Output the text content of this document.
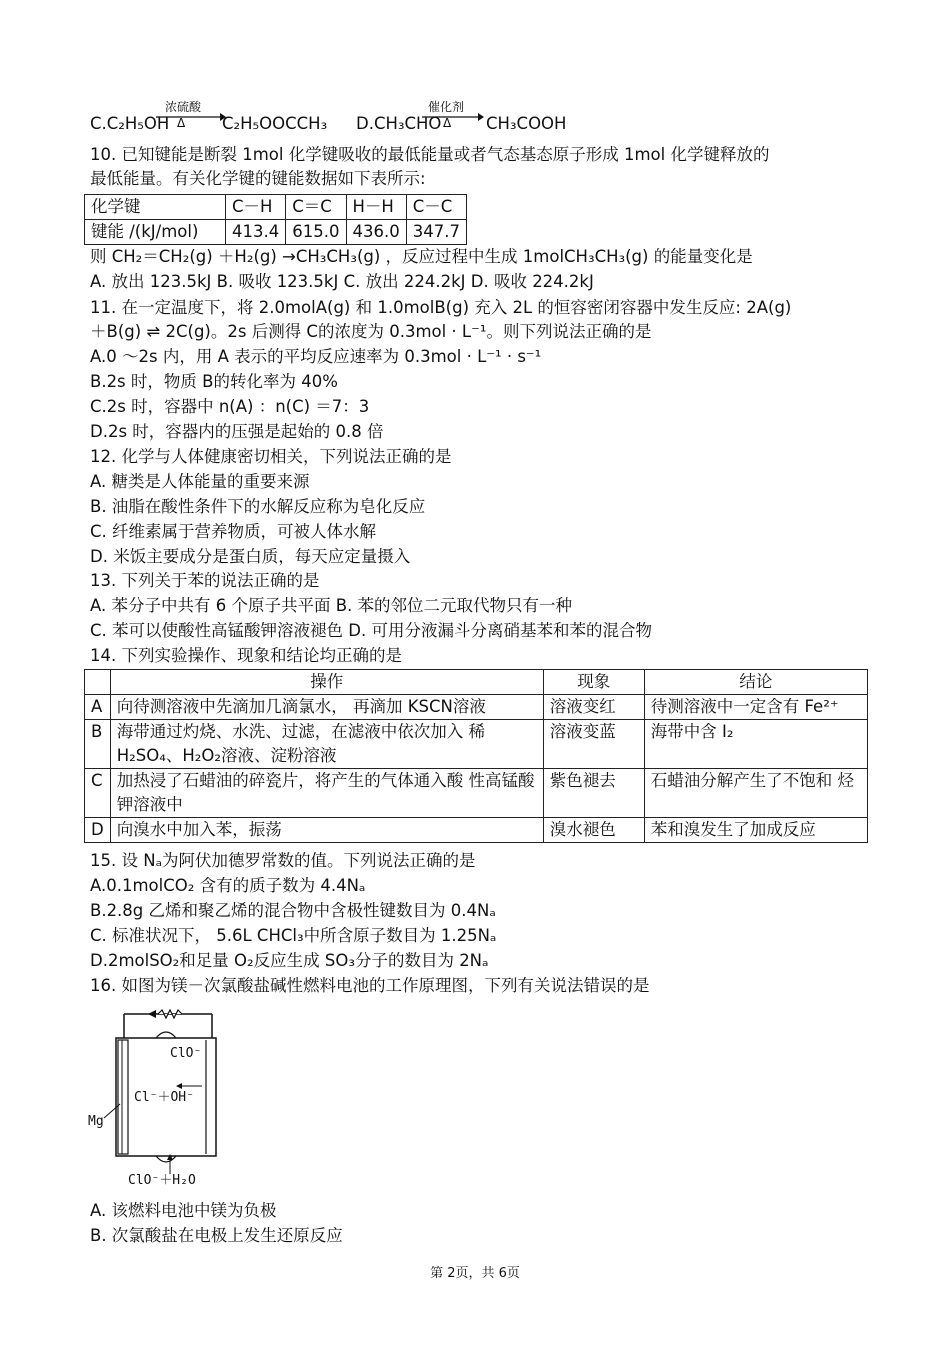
C.C₂H₅OH
浓硫酸
Δ C₂H₅OOCCH₃ D.CH₃CHO
催化剂
Δ → CH₃COOH
10. 已知键能是断裂 1mol 化学键吸收的最低能量或者气态基态原子形成 1mol 化学键释放的
最低能量。有关化学键的键能数据如下表所示:
化学键	C－H	C＝C	H－H	C－C
键能 /(kJ/mol)	413.4	615.0	436.0	347.7
则 CH₂＝CH₂(g) ＋H₂(g) →CH₃CH₃(g) ，反应过程中生成 1molCH₃CH₃(g) 的能量变化是
A. 放出 123.5kJ B. 吸收 123.5kJ C. 放出 224.2kJ D. 吸收 224.2kJ
11. 在一定温度下，将 2.0molA(g) 和 1.0molB(g) 充入 2L 的恒容密闭容器中发生反应: 2A(g)
＋B(g) ⇌ 2C(g)。2s 后测得 C的浓度为 0.3mol · L⁻¹。则下列说法正确的是
A.0 ～2s 内，用 A 表示的平均反应速率为 0.3mol · L⁻¹ · s⁻¹
B.2s 时，物质 B的转化率为 40%
C.2s 时，容器中 n(A) ：n(C) ＝7：3
D.2s 时，容器内的压强是起始的 0.8 倍
12. 化学与人体健康密切相关，下列说法正确的是
A. 糖类是人体能量的重要来源
B. 油脂在酸性条件下的水解反应称为皂化反应
C. 纤维素属于营养物质，可被人体水解
D. 米饭主要成分是蛋白质，每天应定量摄入
13. 下列关于苯的说法正确的是
A. 苯分子中共有 6 个原子共平面 B. 苯的邻位二元取代物只有一种
C. 苯可以使酸性高锰酸钾溶液褪色 D. 可用分液漏斗分离硝基苯和苯的混合物
14. 下列实验操作、现象和结论均正确的是
	操作	现象	结论
A	向待测溶液中先滴加几滴氯水， 再滴加 KSCN溶液	溶液变红	待测溶液中一定含有 Fe²⁺
B	海带通过灼烧、水洗、过滤，在滤液中依次加入 稀 H₂SO₄、H₂O₂溶液、淀粉溶液	溶液变蓝	海带中含 I₂
C	加热浸了石蜡油的碎瓷片，将产生的气体通入酸 性高锰酸钾溶液中	紫色褪去	石蜡油分解产生了不饱和 烃
D	向溴水中加入苯，振荡	溴水褪色	苯和溴发生了加成反应
15. 设 Nₐ为阿伏加德罗常数的值。下列说法正确的是
A.0.1molCO₂ 含有的质子数为 4.4Nₐ
B.2.8g 乙烯和聚乙烯的混合物中含极性键数目为 0.4Nₐ
C. 标准状况下， 5.6L CHCl₃中所含原子数目为 1.25Nₐ
D.2molSO₂和足量 O₂反应生成 SO₃分子的数目为 2Nₐ
16. 如图为镁－次氯酸盐碱性燃料电池的工作原理图，下列有关说法错误的是
ClO⁻
Cl⁻＋OH⁻
Mg
ClO⁻＋H₂O
A. 该燃料电池中镁为负极
B. 次氯酸盐在电极上发生还原反应
第 2页，共 6页
